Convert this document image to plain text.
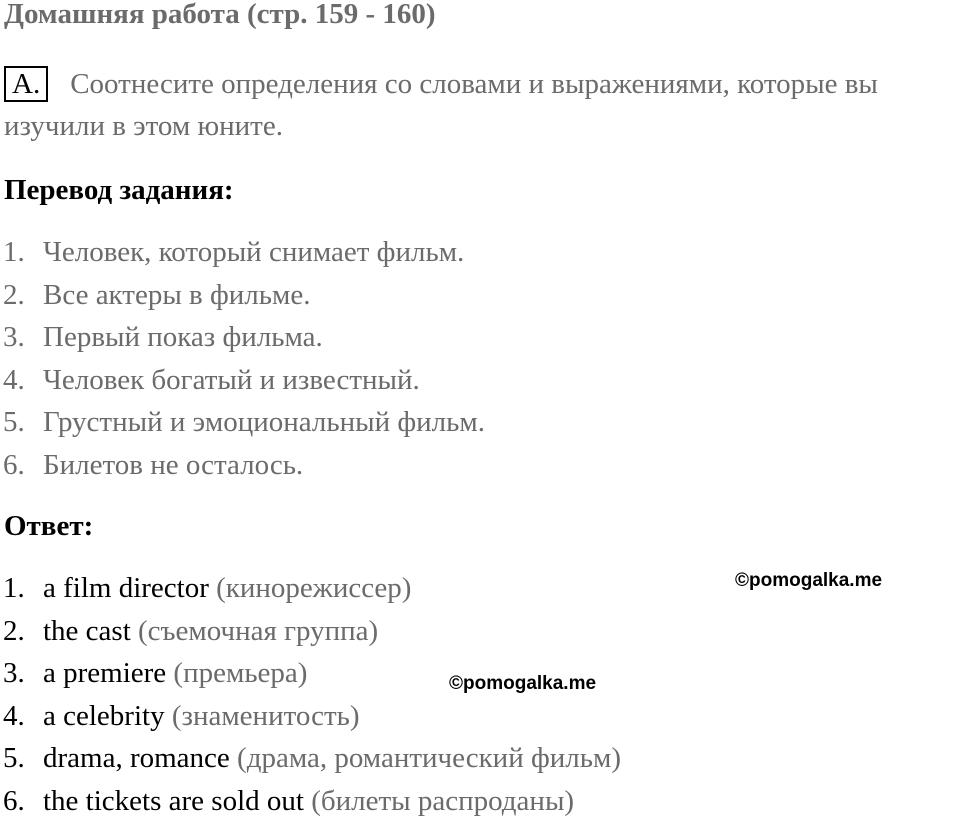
Домашняя работа (стр. 159 - 160)
A. Соотнесите определения со словами и выражениями, которые вы
изучили в этом юните.
Перевод задания:
1. Человек, который снимает фильм.
2. Все актеры в фильме.
3. Первый показ фильма.
4. Человек богатый и известный.
5. Грустный и эмоциональный фильм.
6. Билетов не осталось.
Ответ:
1. a film director (кинорежиссер)
2. the cast (съемочная группа)
3. a premiere (премьера)
4. a celebrity (знаменитость)
5. drama, romance (драма, романтический фильм)
6. the tickets are sold out (билеты распроданы)
©pomogalka.me
©pomogalka.me
